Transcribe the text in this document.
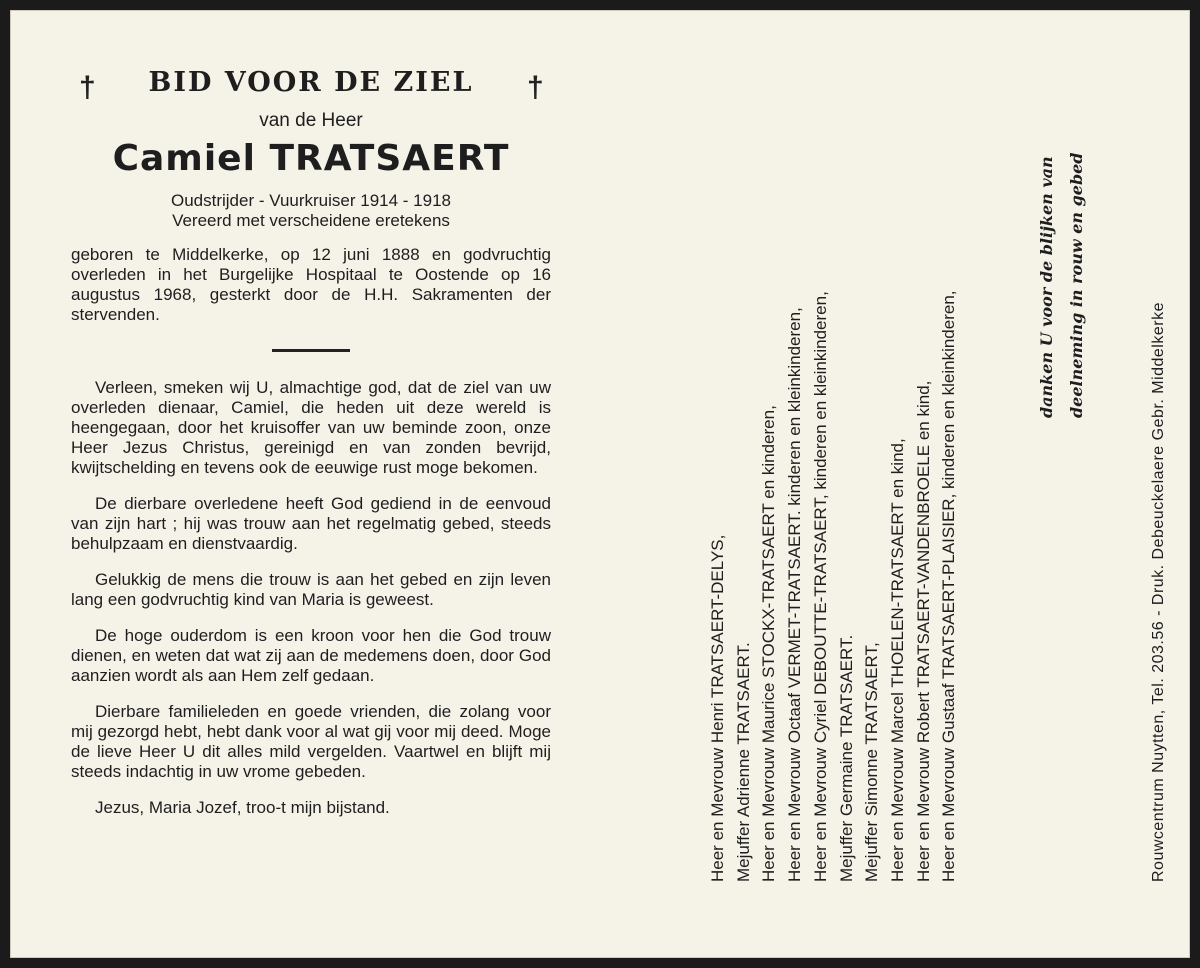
†	†
BID VOOR DE ZIEL
van de Heer
Camiel TRATSAERT
Oudstrijder - Vuurkruiser 1914 - 1918
Vereerd met verscheidene eretekens

geboren te Middelkerke, op 12 juni 1888 en godvruchtig overleden in het Burgelijke Hospitaal te Oostende op 16 augustus 1968, gesterkt door de H.H. Sakramenten der stervenden.

Verleen, smeken wij U, almachtige god, dat de ziel van uw overleden dienaar, Camiel, die heden uit deze wereld is heengegaan, door het kruisoffer van uw beminde zoon, onze Heer Jezus Christus, gereinigd en van zonden bevrijd, kwijtschelding en tevens ook de eeuwige rust moge bekomen.

De dierbare overledene heeft God gediend in de eenvoud van zijn hart ; hij was trouw aan het regelmatig gebed, steeds behulpzaam en dienstvaardig.

Gelukkig de mens die trouw is aan het gebed en zijn leven lang een godvruchtig kind van Maria is geweest.

De hoge ouderdom is een kroon voor hen die God trouw dienen, en weten dat wat zij aan de medemens doen, door God aanzien wordt als aan Hem zelf gedaan.

Dierbare familieleden en goede vrienden, die zolang voor mij gezorgd hebt, hebt dank voor al wat gij voor mij deed. Moge de lieve Heer U dit alles mild vergelden. Vaartwel en blijft mij steeds indachtig in uw vrome gebeden.

Jezus, Maria Jozef, troo-t mijn bijstand.	Heer en Mevrouw Henri TRATSAERT-DELYS, Mejuffer Adrienne TRATSAERT. Heer en Mevrouw Maurice STOCKX-TRATSAERT en kinderen, Heer en Mevrouw Octaaf VERMET-TRATSAERT. kinderen en kleinkinderen, Heer en Mevrouw Cyriel DEBOUTTE-TRATSAERT, kinderen en kleinkinderen, Mejuffer Germaine TRATSAERT. Mejuffer Simonne TRATSAERT, Heer en Mevrouw Marcel THOELEN-TRATSAERT en kind, Heer en Mevrouw Robert TRATSAERT-VANDENBROELE en kind, Heer en Mevrouw Gustaaf TRATSAERT-PLAISIER, kinderen en kleinkinderen,
danken U voor de blijken van deelneming in rouw en gebed
Rouwcentrum Nuytten, Tel. 203.56 - Druk. Debeuckelaere Gebr. Middelkerke
